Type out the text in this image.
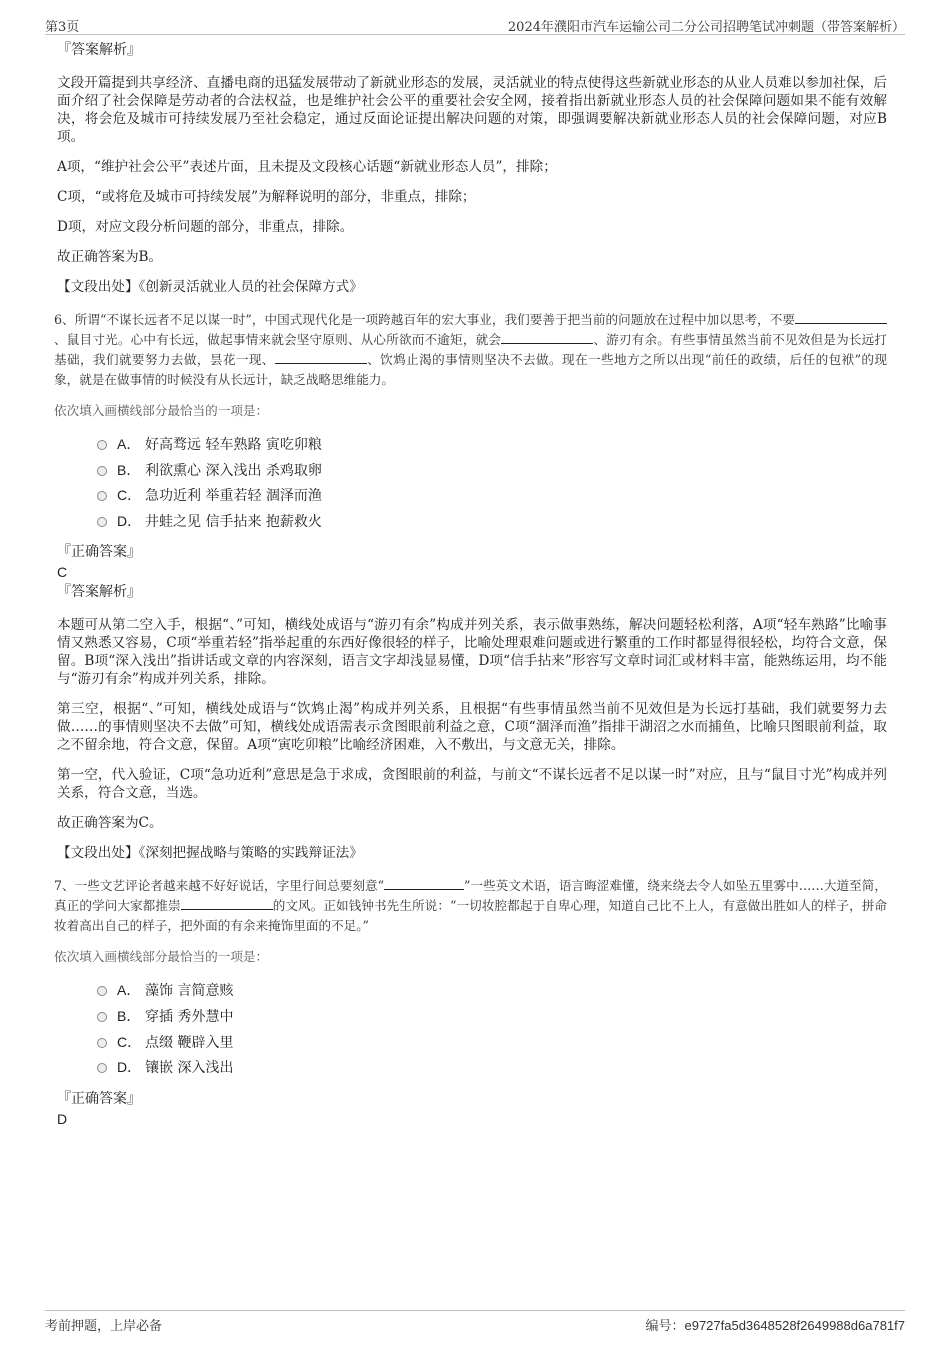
第3页	2024年濮阳市汽车运输公司二分公司招聘笔试冲刺题（带答案解析）

『答案解析』

文段开篇提到共享经济、直播电商的迅猛发展带动了新就业形态的发展，灵活就业的特点使得这些新就业形态的从业人员难以参加社保，后面介绍了社会保障是劳动者的合法权益，也是维护社会公平的重要社会安全网，接着指出新就业形态人员的社会保障问题如果不能有效解决，将会危及城市可持续发展乃至社会稳定，通过反面论证提出解决问题的对策，即强调要解决新就业形态人员的社会保障问题，对应B项。

A项，“维护社会公平”表述片面，且未提及文段核心话题“新就业形态人员”，排除；

C项，“或将危及城市可持续发展”为解释说明的部分，非重点，排除；

D项，对应文段分析问题的部分，非重点，排除。

故正确答案为B。

【文段出处】《创新灵活就业人员的社会保障方式》

6、所谓“不谋长远者不足以谋一时”，中国式现代化是一项跨越百年的宏大事业，我们要善于把当前的问题放在过程中加以思考，不要、鼠目寸光。心中有长远，做起事情来就会坚守原则、从心所欲而不逾矩，就会	、游刃有余。有些事情虽然当前不见效但是为长远打基础，我们就要努力去做，昙花一现、	、饮鸩止渴的事情则坚决不去做。现在一些地方之所以出现“前任的政绩，后任的包袱”的现象，就是在做事情的时候没有从长远计，缺乏战略思维能力。

依次填入画横线部分最恰当的一项是：

A． 好高骛远 轻车熟路 寅吃卯粮
B． 利欲熏心 深入浅出 杀鸡取卵
C． 急功近利 举重若轻 涸泽而渔
D． 井蛙之见 信手拈来 抱薪救火

『正确答案』

C

『答案解析』

本题可从第二空入手，根据“、”可知，横线处成语与“游刃有余”构成并列关系，表示做事熟练，解决问题轻松利落，A项“轻车熟路”比喻事情又熟悉又容易，C项“举重若轻”指举起重的东西好像很轻的样子，比喻处理艰难问题或进行繁重的工作时都显得很轻松，均符合文意，保留。B项“深入浅出”指讲话或文章的内容深刻，语言文字却浅显易懂，D项“信手拈来”形容写文章时词汇或材料丰富，能熟练运用，均不能与“游刃有余”构成并列关系，排除。

第三空，根据“、”可知，横线处成语与“饮鸩止渴”构成并列关系，且根据“有些事情虽然当前不见效但是为长远打基础，我们就要努力去做……的事情则坚决不去做”可知，横线处成语需表示贪图眼前利益之意，C项“涸泽而渔”指排干湖沼之水而捕鱼，比喻只图眼前利益，取之不留余地，符合文意，保留。A项“寅吃卯粮”比喻经济困难，入不敷出，与文意无关，排除。

第一空，代入验证，C项“急功近利”意思是急于求成，贪图眼前的利益，与前文“不谋长远者不足以谋一时”对应，且与“鼠目寸光”构成并列关系，符合文意，当选。

故正确答案为C。

【文段出处】《深刻把握战略与策略的实践辩证法》

7、一些文艺评论者越来越不好好说话，字里行间总要刻意“	”一些英文术语，语言晦涩难懂，绕来绕去令人如坠五里雾中……大道至简，真正的学问大家都推崇	的文风。正如钱钟书先生所说：“一切妆腔都起于自卑心理，知道自己比不上人，有意做出胜如人的样子，拼命妆着高出自己的样子，把外面的有余来掩饰里面的不足。”

依次填入画横线部分最恰当的一项是：

A． 藻饰 言简意赅
B． 穿插 秀外慧中
C． 点缀 鞭辟入里
D． 镶嵌 深入浅出

『正确答案』

D

考前押题，上岸必备	编号：e9727fa5d3648528f2649988d6a781f7
